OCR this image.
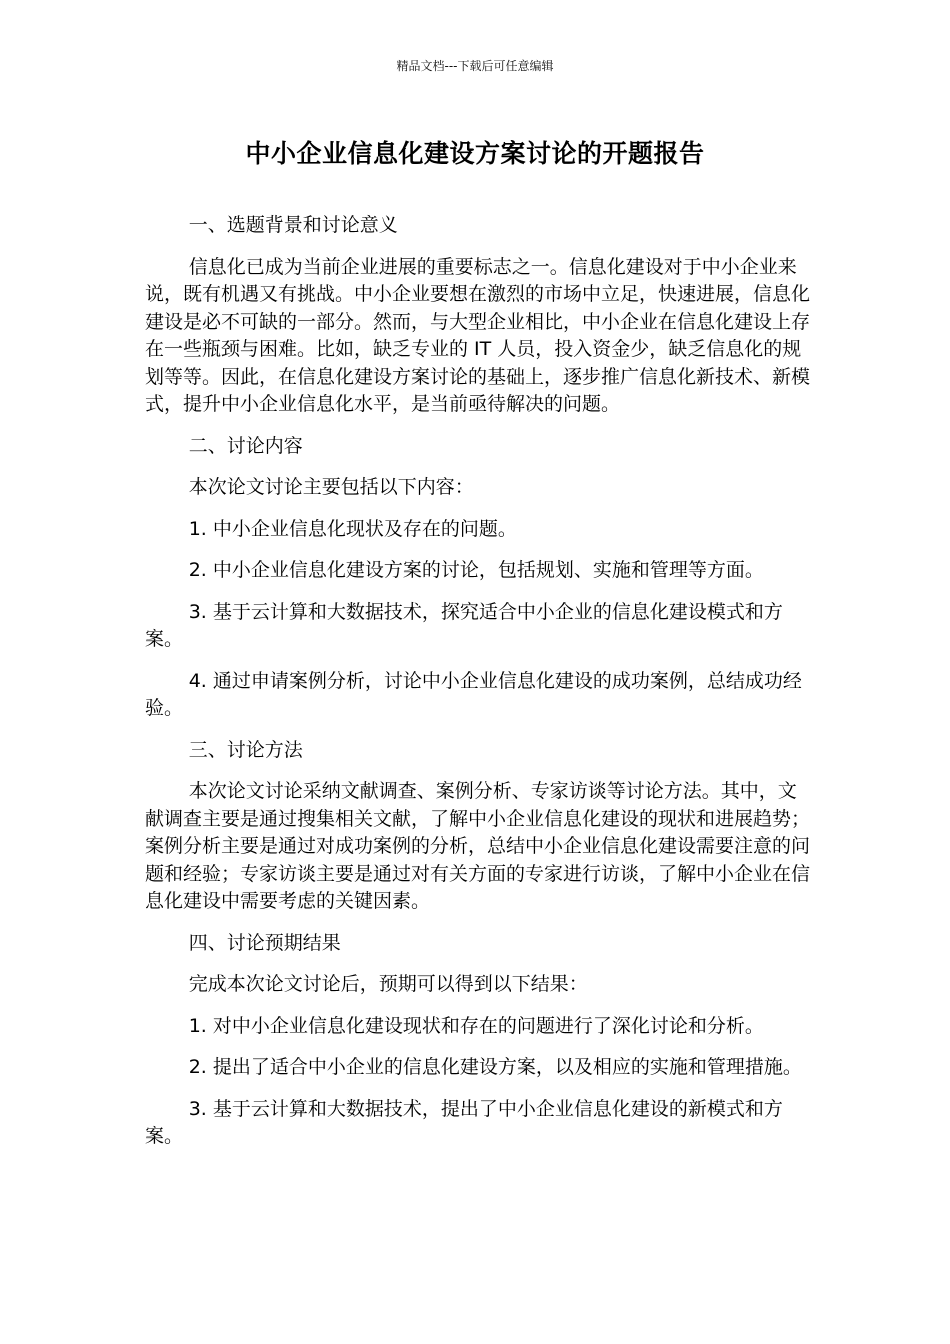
精品文档---下载后可任意编辑
中小企业信息化建设方案讨论的开题报告

一、选题背景和讨论意义

信息化已成为当前企业进展的重要标志之一。信息化建设对于中小企业来说，既有机遇又有挑战。中小企业要想在激烈的市场中立足，快速进展，信息化建设是必不可缺的一部分。然而，与大型企业相比，中小企业在信息化建设上存在一些瓶颈与困难。比如，缺乏专业的 IT 人员，投入资金少，缺乏信息化的规划等等。因此，在信息化建设方案讨论的基础上，逐步推广信息化新技术、新模式，提升中小企业信息化水平，是当前亟待解决的问题。

二、讨论内容

本次论文讨论主要包括以下内容：

1. 中小企业信息化现状及存在的问题。

2. 中小企业信息化建设方案的讨论，包括规划、实施和管理等方面。

3. 基于云计算和大数据技术，探究适合中小企业的信息化建设模式和方案。

4. 通过申请案例分析，讨论中小企业信息化建设的成功案例，总结成功经验。

三、讨论方法

本次论文讨论采纳文献调查、案例分析、专家访谈等讨论方法。其中，文献调查主要是通过搜集相关文献，了解中小企业信息化建设的现状和进展趋势；案例分析主要是通过对成功案例的分析，总结中小企业信息化建设需要注意的问题和经验；专家访谈主要是通过对有关方面的专家进行访谈，了解中小企业在信息化建设中需要考虑的关键因素。

四、讨论预期结果

完成本次论文讨论后，预期可以得到以下结果：

1. 对中小企业信息化建设现状和存在的问题进行了深化讨论和分析。

2. 提出了适合中小企业的信息化建设方案，以及相应的实施和管理措施。

3. 基于云计算和大数据技术，提出了中小企业信息化建设的新模式和方案。
